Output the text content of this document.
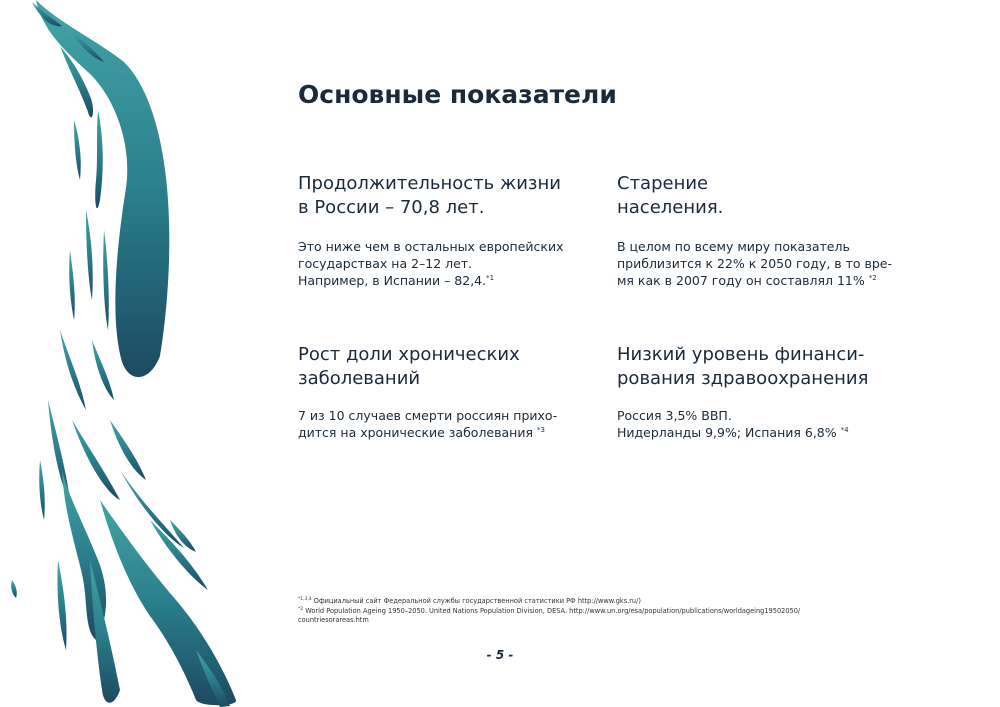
Основные показатели
Продолжительность жизни
в России – 70,8 лет.

Это ниже чем в остальных европейских
государствах на 2–12 лет.
Например, в Испании – 82,4.$^{*1}$

Старение
населения.

В целом по всему миру показатель
приблизится к 22% к 2050 году, в то вре-
мя как в 2007 году он составлял 11% $^{*2}$

Рост доли хронических
заболеваний

7 из 10 случаев смерти россиян прихо-
дится на хронические заболевания $^{*3}$

Низкий уровень финанси-
рования здравоохранения

Россия 3,5% ВВП.
Нидерланды 9,9%; Испания 6,8% $^{*4}$

$^{*1,3,4}$ Официальный сайт Федеральной службы государственной статистики РФ http://www.gks.ru/)
$^{*2}$ World Population Ageing 1950–2050. United Nations Population Division, DESA. http://www.un.org/esa/population/publications/worldageing19502050/
countriesorareas.htm
- 5 -
